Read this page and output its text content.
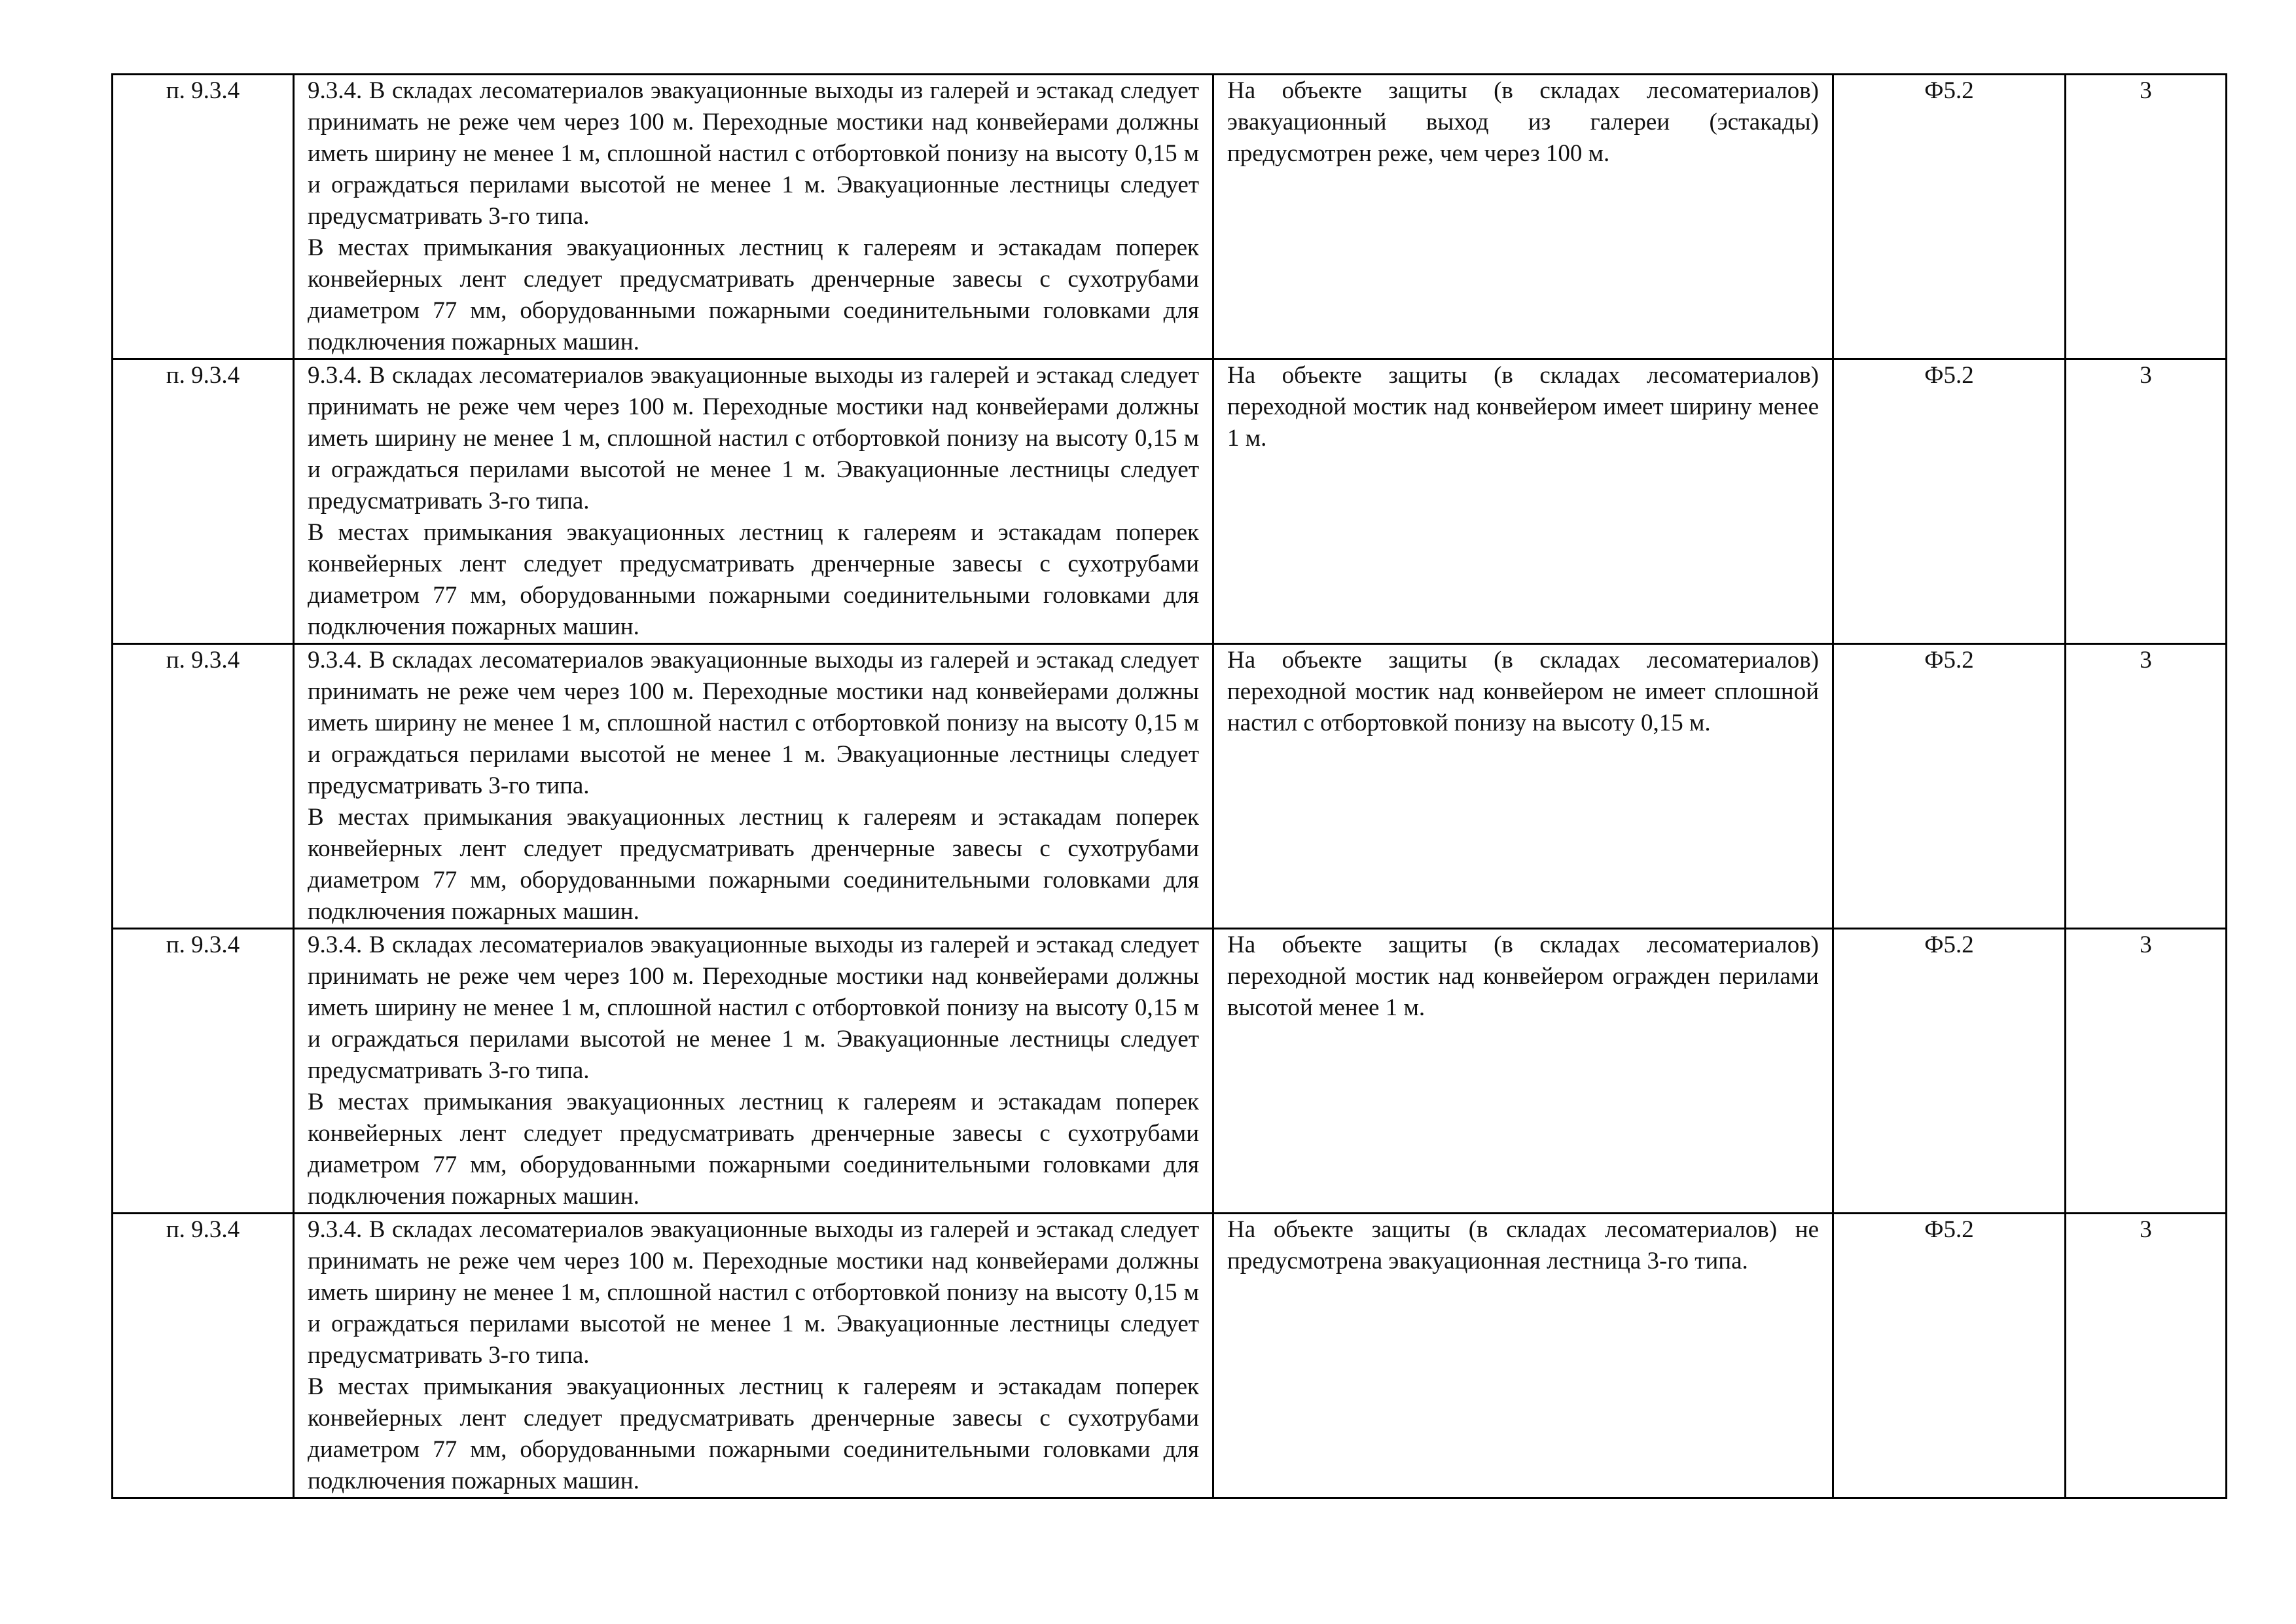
п. 9.3.4	9.3.4. В складах лесоматериалов эвакуационные выходы из галерей и эстакад следует принимать не реже чем через 100 м. Переходные мостики над конвейерами должны иметь ширину не менее 1 м, сплошной настил с отбортовкой понизу на высоту 0,15 м и ограждаться перилами высотой не менее 1 м. Эвакуационные лестницы следует предусматривать 3-го типа.
В местах примыкания эвакуационных лестниц к галереям и эстакадам поперек конвейерных лент следует предусматривать дренчерные завесы с сухотрубами диаметром 77 мм, оборудованными пожарными соединительными головками для подключения пожарных машин.	На объекте защиты (в складах лесоматериалов) эвакуационный выход из галереи (эстакады) предусмотрен реже, чем через 100 м.	Ф5.2	3
п. 9.3.4	9.3.4. В складах лесоматериалов эвакуационные выходы из галерей и эстакад следует принимать не реже чем через 100 м. Переходные мостики над конвейерами должны иметь ширину не менее 1 м, сплошной настил с отбортовкой понизу на высоту 0,15 м и ограждаться перилами высотой не менее 1 м. Эвакуационные лестницы следует предусматривать 3-го типа.
В местах примыкания эвакуационных лестниц к галереям и эстакадам поперек конвейерных лент следует предусматривать дренчерные завесы с сухотрубами диаметром 77 мм, оборудованными пожарными соединительными головками для подключения пожарных машин.	На объекте защиты (в складах лесоматериалов) переходной мостик над конвейером имеет ширину менее 1 м.	Ф5.2	3
п. 9.3.4	9.3.4. В складах лесоматериалов эвакуационные выходы из галерей и эстакад следует принимать не реже чем через 100 м. Переходные мостики над конвейерами должны иметь ширину не менее 1 м, сплошной настил с отбортовкой понизу на высоту 0,15 м и ограждаться перилами высотой не менее 1 м. Эвакуационные лестницы следует предусматривать 3-го типа.
В местах примыкания эвакуационных лестниц к галереям и эстакадам поперек конвейерных лент следует предусматривать дренчерные завесы с сухотрубами диаметром 77 мм, оборудованными пожарными соединительными головками для подключения пожарных машин.	На объекте защиты (в складах лесоматериалов) переходной мостик над конвейером не имеет сплошной настил с отбортовкой понизу на высоту 0,15 м.	Ф5.2	3
п. 9.3.4	9.3.4. В складах лесоматериалов эвакуационные выходы из галерей и эстакад следует принимать не реже чем через 100 м. Переходные мостики над конвейерами должны иметь ширину не менее 1 м, сплошной настил с отбортовкой понизу на высоту 0,15 м и ограждаться перилами высотой не менее 1 м. Эвакуационные лестницы следует предусматривать 3-го типа.
В местах примыкания эвакуационных лестниц к галереям и эстакадам поперек конвейерных лент следует предусматривать дренчерные завесы с сухотрубами диаметром 77 мм, оборудованными пожарными соединительными головками для подключения пожарных машин.	На объекте защиты (в складах лесоматериалов) переходной мостик над конвейером огражден перилами высотой менее 1 м.	Ф5.2	3
п. 9.3.4	9.3.4. В складах лесоматериалов эвакуационные выходы из галерей и эстакад следует принимать не реже чем через 100 м. Переходные мостики над конвейерами должны иметь ширину не менее 1 м, сплошной настил с отбортовкой понизу на высоту 0,15 м и ограждаться перилами высотой не менее 1 м. Эвакуационные лестницы следует предусматривать 3-го типа.
В местах примыкания эвакуационных лестниц к галереям и эстакадам поперек конвейерных лент следует предусматривать дренчерные завесы с сухотрубами диаметром 77 мм, оборудованными пожарными соединительными головками для подключения пожарных машин.	На объекте защиты (в складах лесоматериалов) не предусмотрена эвакуационная лестница 3-го типа.	Ф5.2	3
